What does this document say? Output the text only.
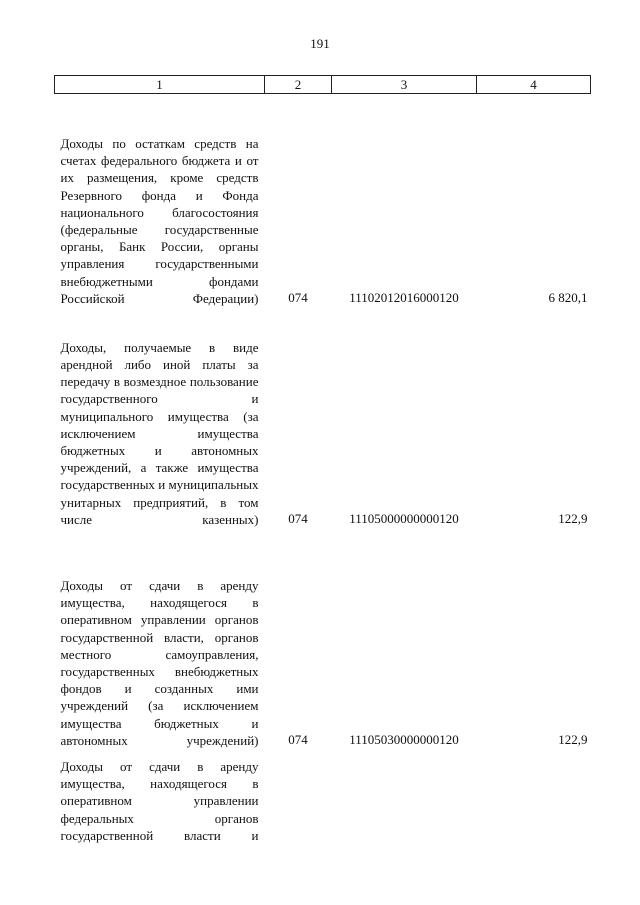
191
1	2	3	4
Доходы по остаткам средств на счетах федерального бюджета и от их размещения, кроме средств Резервного фонда и Фонда национального благосостояния (федеральные государственные органы, Банк России, органы управления государственными внебюджетными фондами Российской Федерации)	074	11102012016000120	6 820,1
Доходы, получаемые в виде арендной либо иной платы за передачу в возмездное пользование государственного и муниципального имущества (за исключением имущества бюджетных и автономных учреждений, а также имущества государственных и муниципальных унитарных предприятий, в том числе казенных)	074	11105000000000120	122,9
Доходы от сдачи в аренду имущества, находящегося в оперативном управлении органов государственной власти, органов местного самоуправления, государственных внебюджетных фондов и созданных ими учреждений (за исключением имущества бюджетных и автономных учреждений)	074	11105030000000120	122,9
Доходы от сдачи в аренду имущества, находящегося в оперативном управлении федеральных органов государственной власти и			
